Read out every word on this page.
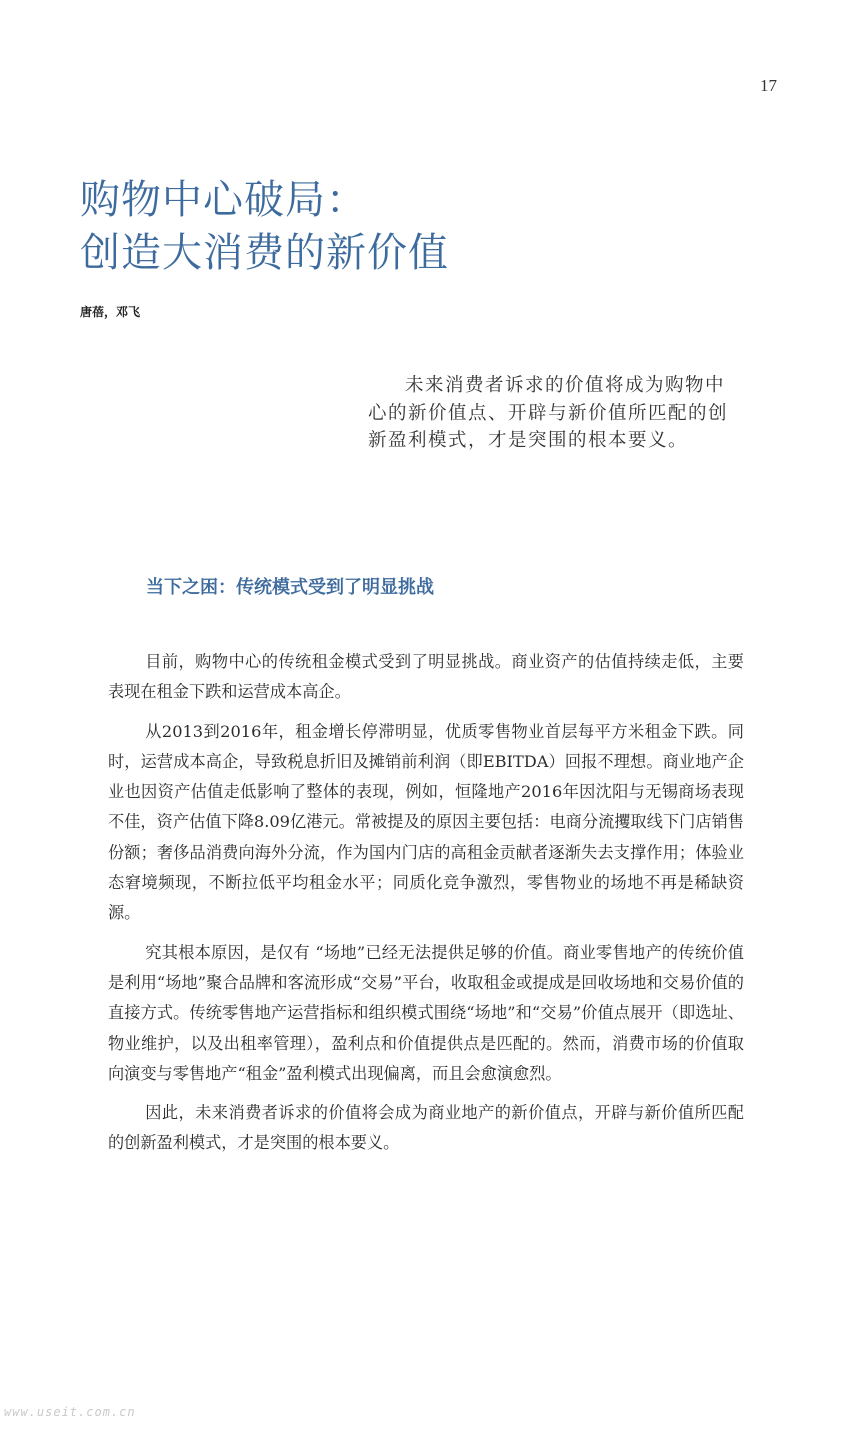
17
购物中心破局：
创造大消费的新价值
唐蓓，邓飞
未来消费者诉求的价值将成为购物中心的新价值点、开辟与新价值所匹配的创新盈利模式，才是突围的根本要义。
当下之困：传统模式受到了明显挑战

目前，购物中心的传统租金模式受到了明显挑战。商业资产的估值持续走低，主要表现在租金下跌和运营成本高企。

从2013到2016年，租金增长停滞明显，优质零售物业首层每平方米租金下跌。同时，运营成本高企，导致税息折旧及摊销前利润（即EBITDA）回报不理想。商业地产企业也因资产估值走低影响了整体的表现，例如，恒隆地产2016年因沈阳与无锡商场表现不佳，资产估值下降8.09亿港元。常被提及的原因主要包括：电商分流攫取线下门店销售份额；奢侈品消费向海外分流，作为国内门店的高租金贡献者逐渐失去支撑作用；体验业态窘境频现，不断拉低平均租金水平；同质化竞争激烈，零售物业的场地不再是稀缺资源。

究其根本原因，是仅有 “场地”已经无法提供足够的价值。商业零售地产的传统价值是利用“场地”聚合品牌和客流形成“交易”平台，收取租金或提成是回收场地和交易价值的直接方式。传统零售地产运营指标和组织模式围绕“场地”和“交易”价值点展开（即选址、物业维护，以及出租率管理），盈利点和价值提供点是匹配的。然而，消费市场的价值取向演变与零售地产“租金”盈利模式出现偏离，而且会愈演愈烈。

因此，未来消费者诉求的价值将会成为商业地产的新价值点，开辟与新价值所匹配的创新盈利模式，才是突围的根本要义。

www.useit.com.cn
